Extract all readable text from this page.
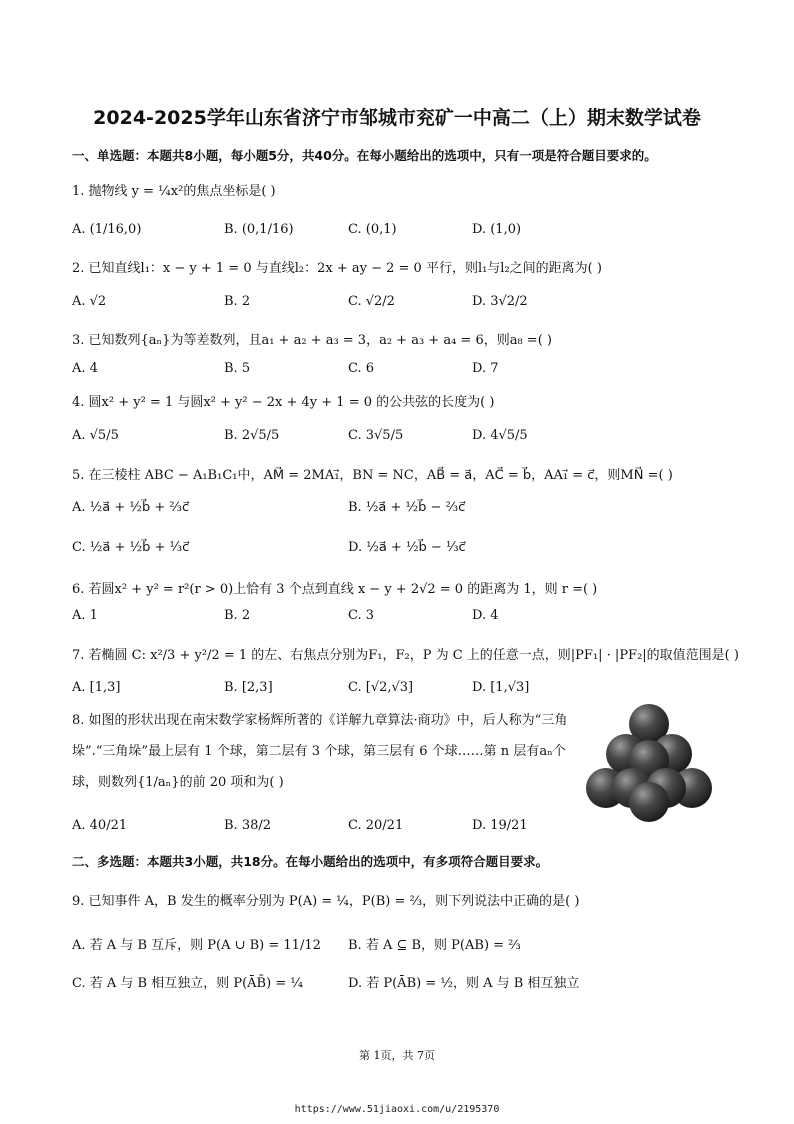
2024-2025学年山东省济宁市邹城市兖矿一中高二（上）期末数学试卷
一、单选题：本题共8小题，每小题5分，共40分。在每小题给出的选项中，只有一项是符合题目要求的。
1. 抛物线 y = ¼x²的焦点坐标是( )
A. (1/16,0)	B. (0,1/16)	C. (0,1)	D. (1,0)
2. 已知直线l₁：x − y + 1 = 0 与直线l₂：2x + ay − 2 = 0 平行，则l₁与l₂之间的距离为( )
A. √2	B. 2	C. √2/2	D. 3√2/2
3. 已知数列{aₙ}为等差数列，且a₁ + a₂ + a₃ = 3，a₂ + a₃ + a₄ = 6，则a₈ =( )
A. 4	B. 5	C. 6	D. 7
4. 圆x² + y² = 1 与圆x² + y² − 2x + 4y + 1 = 0 的公共弦的长度为( )
A. √5/5	B. 2√5/5	C. 3√5/5	D. 4√5/5
5. 在三棱柱 ABC − A₁B₁C₁中，AM⃗ = 2MA₁⃗，BN = NC，AB⃗ = a⃗，AC⃗ = b⃗，AA₁⃗ = c⃗，则MN⃗ =( )
A. ½a⃗ + ½b⃗ + ⅔c⃗	B. ½a⃗ + ½b⃗ − ⅔c⃗
C. ½a⃗ + ½b⃗ + ⅓c⃗	D. ½a⃗ + ½b⃗ − ⅓c⃗
6. 若圆x² + y² = r²(r > 0)上恰有 3 个点到直线 x − y + 2√2 = 0 的距离为 1，则 r =( )
A. 1	B. 2	C. 3	D. 4
7. 若椭圆 C: x²/3 + y²/2 = 1 的左、右焦点分别为F₁，F₂，P 为 C 上的任意一点，则|PF₁| · |PF₂|的取值范围是( )
A. [1,3]	B. [2,3]	C. [√2,√3]	D. [1,√3]
8. 如图的形状出现在南宋数学家杨辉所著的《详解九章算法·商功》中，后人称为“三角垛”.“三角垛”最上层有 1 个球，第二层有 3 个球，第三层有 6 个球……第 n 层有aₙ个球，则数列{1/aₙ}的前 20 项和为( )
A. 40/21	B. 38/2	C. 20/21	D. 19/21
二、多选题：本题共3小题，共18分。在每小题给出的选项中，有多项符合题目要求。
9. 已知事件 A，B 发生的概率分别为 P(A) = ¼，P(B) = ⅔，则下列说法中正确的是( )
A. 若 A 与 B 互斥，则 P(A ∪ B) = 11/12 B. 若 A ⊆ B，则 P(AB) = ⅔
C. 若 A 与 B 相互独立，则 P(ĀB̄) = ¼	D. 若 P(ĀB) = ½，则 A 与 B 相互独立
第 1页，共 7页
https://www.51jiaoxi.com/u/2195370
